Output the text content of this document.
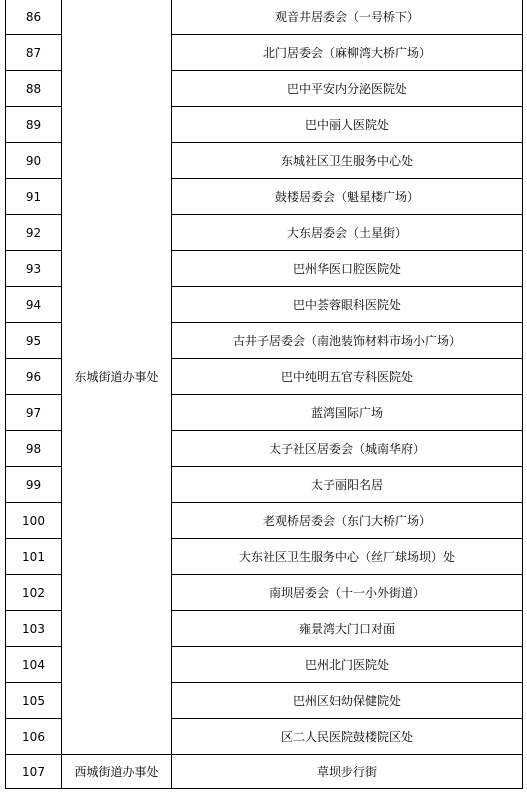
86	东城街道办事处	观音井居委会（一号桥下）
87		北门居委会（麻柳湾大桥广场）
88		巴中平安内分泌医院处
89		巴中丽人医院处
90		东城社区卫生服务中心处
91		鼓楼居委会（魁星楼广场）
92		大东居委会（土星街）
93		巴州华医口腔医院处
94		巴中荟蓉眼科医院处
95		古井子居委会（南池装饰材料市场小广场）
96		巴中纯明五官专科医院处
97		蓝湾国际广场
98		太子社区居委会（城南华府）
99		太子丽阳名居
100		老观桥居委会（东门大桥广场）
101		大东社区卫生服务中心（丝厂球场坝）处
102		南坝居委会（十一小外街道）
103		雍景湾大门口对面
104		巴州北门医院处
105		巴州区妇幼保健院处
106		区二人民医院鼓楼院区处
107	西城街道办事处	草坝步行街
